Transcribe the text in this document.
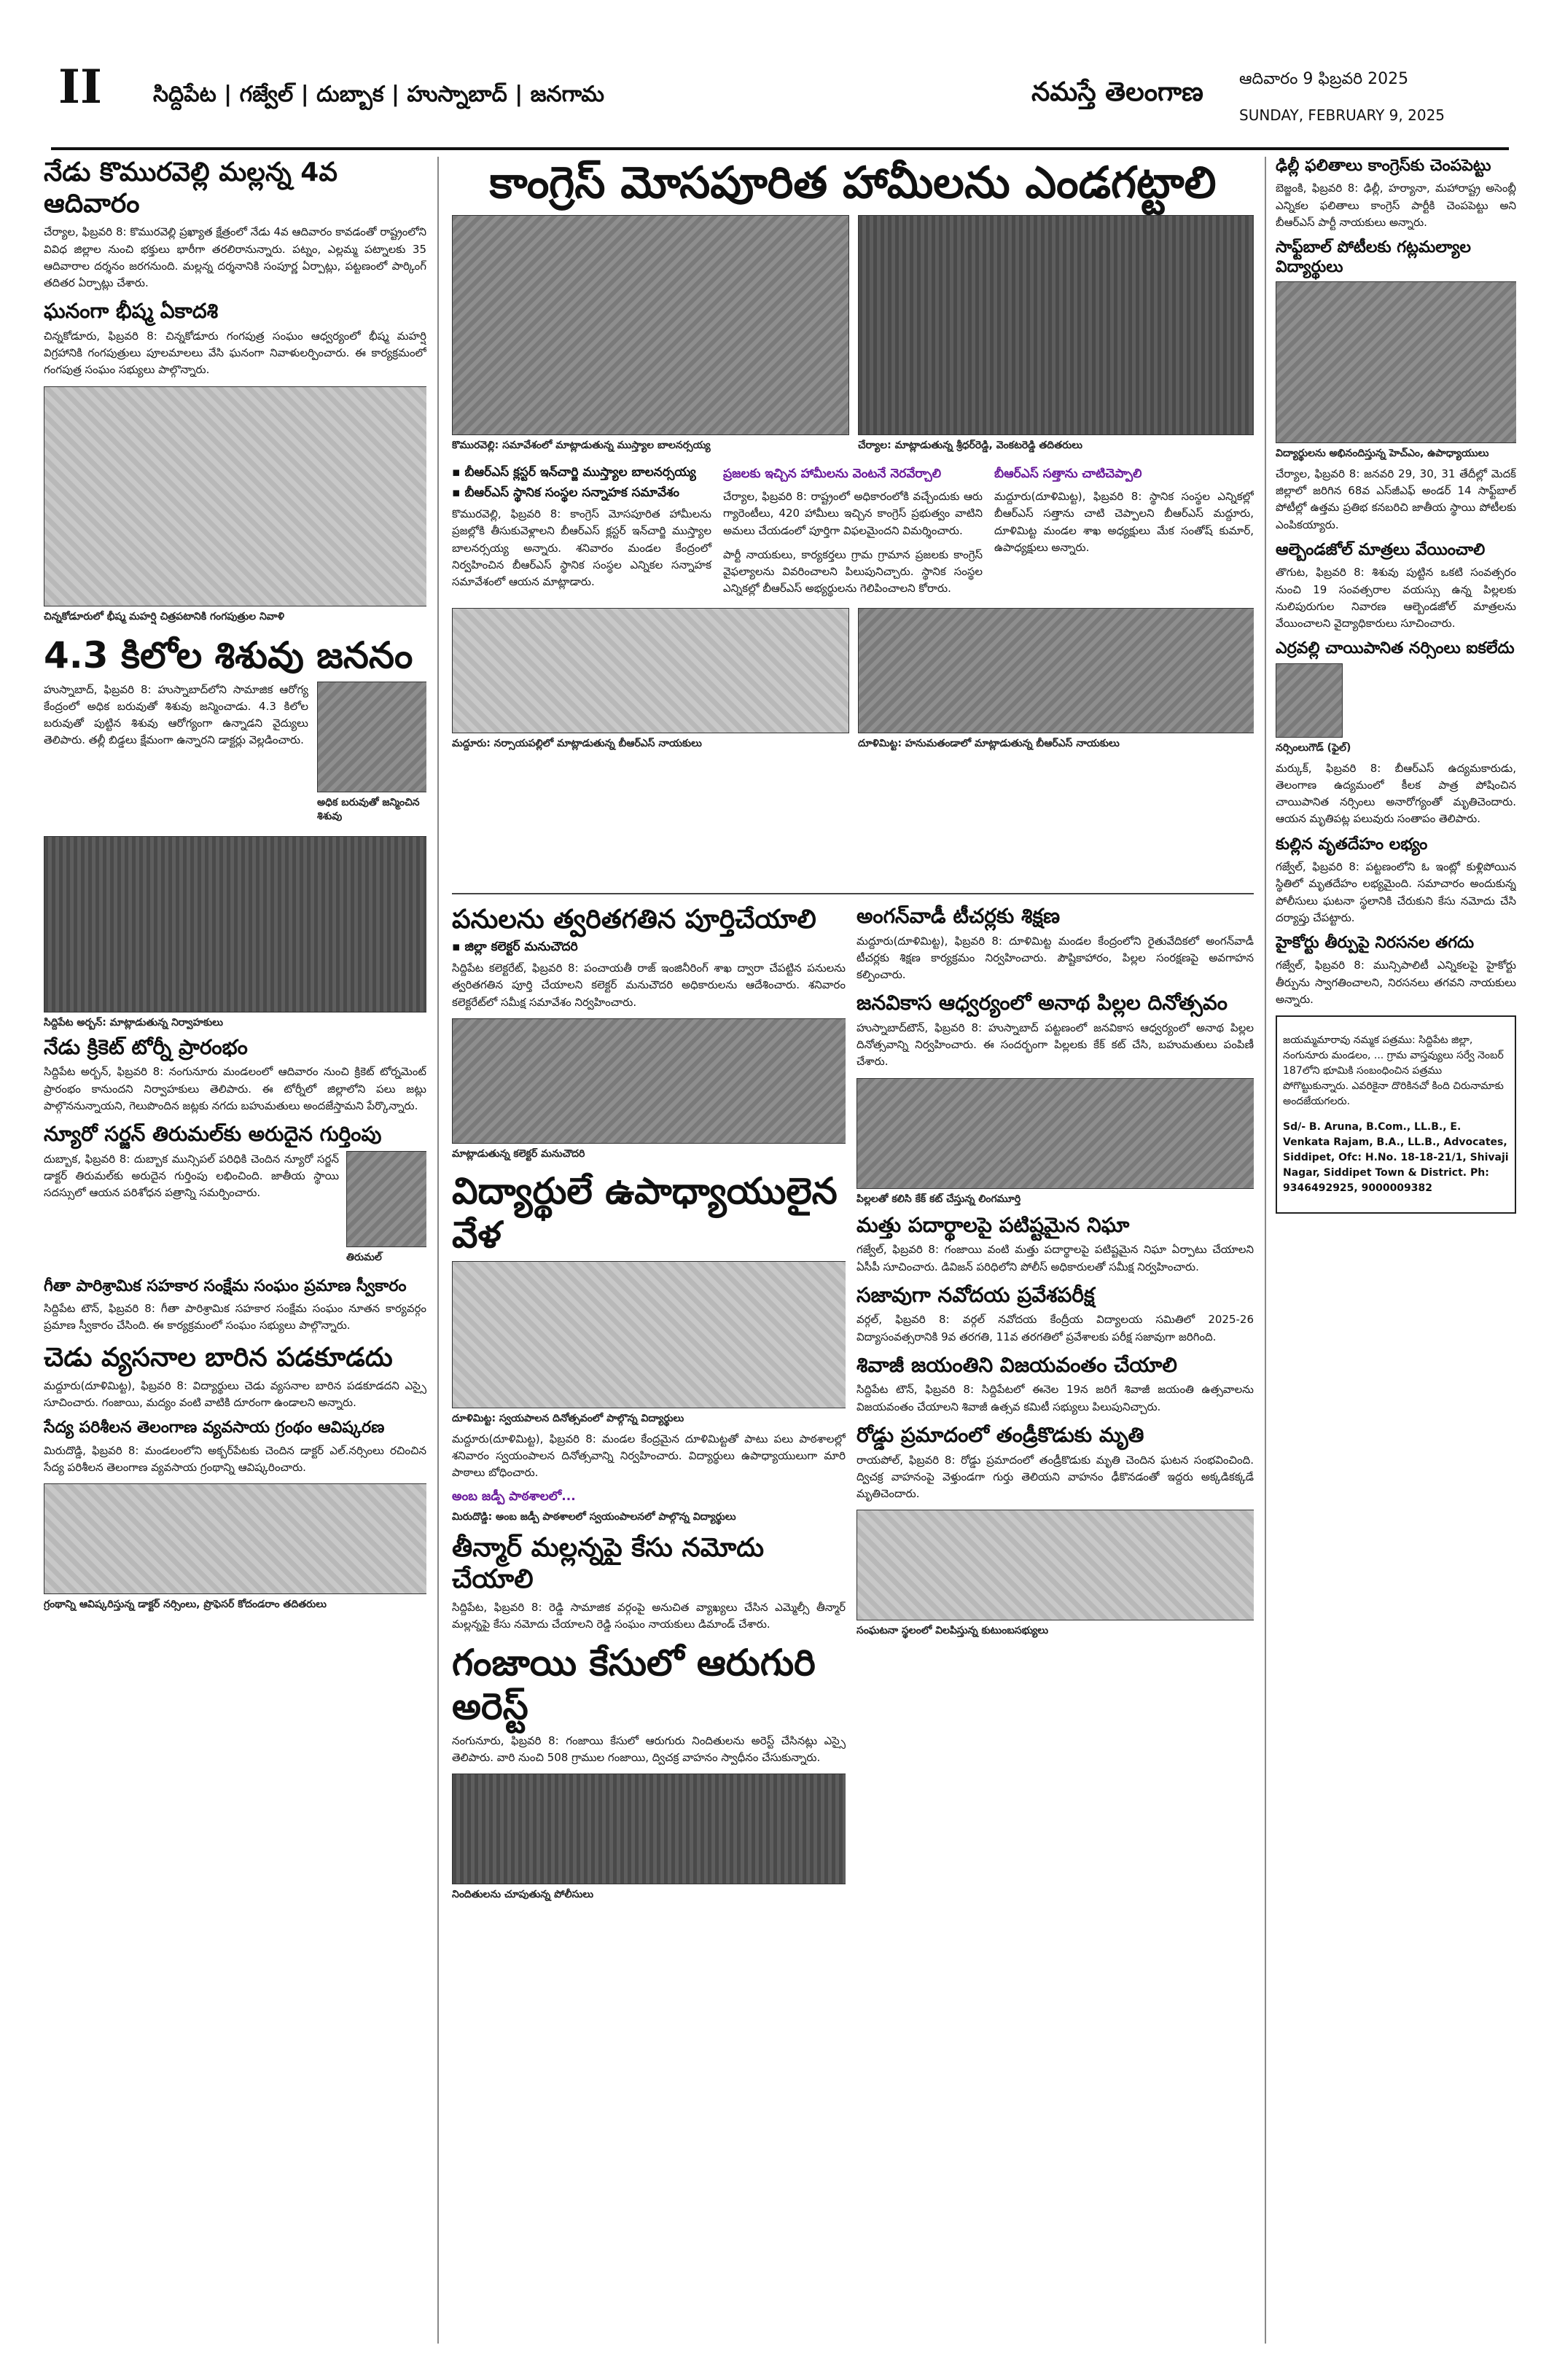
II సిద్దిపేట | గజ్వేల్ | దుబ్బాక | హుస్నాబాద్ | జనగామ	నమస్తే తెలంగాణ ఆదివారం 9 ఫిబ్రవరి 2025
SUNDAY, FEBRUARY 9, 2025
నేడు కొమురవెల్లి మల్లన్న 4వ ఆదివారం

చేర్యాల, ఫిబ్రవరి 8: కొమురవెల్లి ప్రఖ్యాత క్షేత్రంలో నేడు 4వ ఆదివారం కావడంతో రాష్ట్రంలోని వివిధ జిల్లాల నుంచి భక్తులు భారీగా తరలిరానున్నారు. పట్నం, ఎల్లమ్మ పట్నాలకు 35 ఆదివారాల దర్శనం జరగనుంది. మల్లన్న దర్శనానికి సంపూర్ణ ఏర్పాట్లు, పట్టణంలో పార్కింగ్ తదితర ఏర్పాట్లు చేశారు.

ఘనంగా భీష్మ ఏకాదశి

చిన్నకోడూరు, ఫిబ్రవరి 8: చిన్నకోడూరు గంగపుత్ర సంఘం ఆధ్వర్యంలో భీష్మ మహర్షి విగ్రహానికి గంగపుత్రులు పూలమాలలు వేసి ఘనంగా నివాళులర్పించారు. ఈ కార్యక్రమంలో గంగపుత్ర సంఘం సభ్యులు పాల్గొన్నారు.

చిన్నకోడూరులో భీష్మ మహర్షి చిత్రపటానికి గంగపుత్రుల నివాళి
4.3 కిలోల శిశువు జననం

హుస్నాబాద్, ఫిబ్రవరి 8: హుస్నాబాద్‌లోని సామాజిక ఆరోగ్య కేంద్రంలో అధిక బరువుతో శిశువు జన్మించాడు. 4.3 కిలోల బరువుతో పుట్టిన శిశువు ఆరోగ్యంగా ఉన్నాడని వైద్యులు తెలిపారు. తల్లీ బిడ్డలు క్షేమంగా ఉన్నారని డాక్టర్లు వెల్లడించారు.

అధిక బరువుతో జన్మించిన శిశువు
సిద్దిపేట అర్బన్: మాట్లాడుతున్న నిర్వాహకులు
నేడు క్రికెట్ టోర్నీ ప్రారంభం

సిద్దిపేట అర్బన్, ఫిబ్రవరి 8: నంగునూరు మండలంలో ఆదివారం నుంచి క్రికెట్ టోర్నమెంట్ ప్రారంభం కానుందని నిర్వాహకులు తెలిపారు. ఈ టోర్నీలో జిల్లాలోని పలు జట్లు పాల్గొననున్నాయని, గెలుపొందిన జట్లకు నగదు బహుమతులు అందజేస్తామని పేర్కొన్నారు.

న్యూరో సర్జన్ తిరుమల్‌కు అరుదైన గుర్తింపు

దుబ్బాక, ఫిబ్రవరి 8: దుబ్బాక మున్సిపల్ పరిధికి చెందిన న్యూరో సర్జన్ డాక్టర్ తిరుమల్‌కు అరుదైన గుర్తింపు లభించింది. జాతీయ స్థాయి సదస్సులో ఆయన పరిశోధన పత్రాన్ని సమర్పించారు.

తిరుమల్
గీతా పారిశ్రామిక సహకార సంక్షేమ సంఘం ప్రమాణ స్వీకారం

సిద్దిపేట టౌన్, ఫిబ్రవరి 8: గీతా పారిశ్రామిక సహకార సంక్షేమ సంఘం నూతన కార్యవర్గం ప్రమాణ స్వీకారం చేసింది. ఈ కార్యక్రమంలో సంఘం సభ్యులు పాల్గొన్నారు.

చెడు వ్యసనాల బారిన పడకూడదు

మద్దూరు(దూళిమిట్ట), ఫిబ్రవరి 8: విద్యార్థులు చెడు వ్యసనాల బారిన పడకూడదని ఎస్సై సూచించారు. గంజాయి, మద్యం వంటి వాటికి దూరంగా ఉండాలని అన్నారు.

సేద్య పరిశీలన తెలంగాణ వ్యవసాయ గ్రంథం ఆవిష్కరణ

మిరుదొడ్డి, ఫిబ్రవరి 8: మండలంలోని అక్బర్‌పేటకు చెందిన డాక్టర్ ఎల్.నర్సింలు రచించిన సేద్య పరిశీలన తెలంగాణ వ్యవసాయ గ్రంథాన్ని ఆవిష్కరించారు.

గ్రంథాన్ని ఆవిష్కరిస్తున్న డాక్టర్ నర్సింలు, ప్రొఫెసర్ కోదండరాం తదితరులు
కాంగ్రెస్ మోసపూరిత హామీలను ఎండగట్టాలి
కొమురవెల్లి: సమావేశంలో మాట్లాడుతున్న ముస్త్యాల బాలనర్సయ్య	చేర్యాల: మాట్లాడుతున్న శ్రీధర్‌రెడ్డి, వెంకటరెడ్డి తదితరులు
▪ బీఆర్‌ఎస్ క్లస్టర్ ఇన్‌చార్జి ముస్త్యాల బాలనర్సయ్య
▪ బీఆర్‌ఎస్ స్థానిక సంస్థల సన్నాహక సమావేశం

కొమురవెల్లి, ఫిబ్రవరి 8: కాంగ్రెస్ మోసపూరిత హామీలను ప్రజల్లోకి తీసుకువెళ్లాలని బీఆర్‌ఎస్ క్లస్టర్ ఇన్‌చార్జి ముస్త్యాల బాలనర్సయ్య అన్నారు. శనివారం మండల కేంద్రంలో నిర్వహించిన బీఆర్‌ఎస్ స్థానిక సంస్థల ఎన్నికల సన్నాహక సమావేశంలో ఆయన మాట్లాడారు.

ప్రజలకు ఇచ్చిన హామీలను వెంటనే నెరవేర్చాలి

చేర్యాల, ఫిబ్రవరి 8: రాష్ట్రంలో అధికారంలోకి వచ్చేందుకు ఆరు గ్యారెంటీలు, 420 హామీలు ఇచ్చిన కాంగ్రెస్ ప్రభుత్వం వాటిని అమలు చేయడంలో పూర్తిగా విఫలమైందని విమర్శించారు.

పార్టీ నాయకులు, కార్యకర్తలు గ్రామ గ్రామాన ప్రజలకు కాంగ్రెస్ వైఫల్యాలను వివరించాలని పిలుపునిచ్చారు. స్థానిక సంస్థల ఎన్నికల్లో బీఆర్‌ఎస్ అభ్యర్థులను గెలిపించాలని కోరారు.

బీఆర్‌ఎస్ సత్తాను చాటిచెప్పాలి

మద్దూరు(దూళిమిట్ట), ఫిబ్రవరి 8: స్థానిక సంస్థల ఎన్నికల్లో బీఆర్‌ఎస్ సత్తాను చాటి చెప్పాలని బీఆర్‌ఎస్ మద్దూరు, దూళిమిట్ట మండల శాఖ అధ్యక్షులు మేక సంతోష్ కుమార్, ఉపాధ్యక్షులు అన్నారు.

మద్దూరు: నర్సాయపల్లిలో మాట్లాడుతున్న బీఆర్‌ఎస్ నాయకులు	దూళిమిట్ట: హనుమతండాలో మాట్లాడుతున్న బీఆర్‌ఎస్ నాయకులు
పనులను త్వరితగతిన పూర్తిచేయాలి
▪ జిల్లా కలెక్టర్ మనుచౌదరి

సిద్దిపేట కలెక్టరేట్, ఫిబ్రవరి 8: పంచాయతీ రాజ్ ఇంజినీరింగ్ శాఖ ద్వారా చేపట్టిన పనులను త్వరితగతిన పూర్తి చేయాలని కలెక్టర్ మనుచౌదరి అధికారులను ఆదేశించారు. శనివారం కలెక్టరేట్‌లో సమీక్ష సమావేశం నిర్వహించారు.

మాట్లాడుతున్న కలెక్టర్ మనుచౌదరి
విద్యార్థులే ఉపాధ్యాయులైన వేళ
దూళిమిట్ట: స్వయపాలన దినోత్సవంలో పాల్గొన్న విద్యార్థులు

మద్దూరు(దూళిమిట్ట), ఫిబ్రవరి 8: మండల కేంద్రమైన దూళిమిట్టతో పాటు పలు పాఠశాలల్లో శనివారం స్వయంపాలన దినోత్సవాన్ని నిర్వహించారు. విద్యార్థులు ఉపాధ్యాయులుగా మారి పాఠాలు బోధించారు.

అంబ జడ్పీ పాఠశాలలో...
మిరుదొడ్డి: అంబ జడ్పీ పాఠశాలలో స్వయంపాలనలో పాల్గొన్న విద్యార్థులు
తీన్మార్ మల్లన్నపై కేసు నమోదు చేయాలి

సిద్దిపేట, ఫిబ్రవరి 8: రెడ్డి సామాజిక వర్గంపై అనుచిత వ్యాఖ్యలు చేసిన ఎమ్మెల్సీ తీన్మార్ మల్లన్నపై కేసు నమోదు చేయాలని రెడ్డి సంఘం నాయకులు డిమాండ్ చేశారు.

గంజాయి కేసులో ఆరుగురి అరెస్ట్

నంగునూరు, ఫిబ్రవరి 8: గంజాయి కేసులో ఆరుగురు నిందితులను అరెస్ట్ చేసినట్లు ఎస్సై తెలిపారు. వారి నుంచి 508 గ్రాముల గంజాయి, ద్విచక్ర వాహనం స్వాధీనం చేసుకున్నారు.

నిందితులను చూపుతున్న పోలీసులు
అంగన్‌వాడీ టీచర్లకు శిక్షణ

మద్దూరు(దూళిమిట్ట), ఫిబ్రవరి 8: దూళిమిట్ట మండల కేంద్రంలోని రైతువేదికలో అంగన్‌వాడీ టీచర్లకు శిక్షణ కార్యక్రమం నిర్వహించారు. పౌష్టికాహారం, పిల్లల సంరక్షణపై అవగాహన కల్పించారు.

జనవికాస ఆధ్వర్యంలో అనాథ పిల్లల దినోత్సవం

హుస్నాబాద్‌టౌన్, ఫిబ్రవరి 8: హుస్నాబాద్ పట్టణంలో జనవికాస ఆధ్వర్యంలో అనాథ పిల్లల దినోత్సవాన్ని నిర్వహించారు. ఈ సందర్భంగా పిల్లలకు కేక్ కట్ చేసి, బహుమతులు పంపిణీ చేశారు.

పిల్లలతో కలిసి కేక్ కట్ చేస్తున్న లింగమూర్తి
మత్తు పదార్థాలపై పటిష్టమైన నిఘా

గజ్వేల్, ఫిబ్రవరి 8: గంజాయి వంటి మత్తు పదార్థాలపై పటిష్టమైన నిఘా ఏర్పాటు చేయాలని ఏసీపీ సూచించారు. డివిజన్ పరిధిలోని పోలీస్ అధికారులతో సమీక్ష నిర్వహించారు.

సజావుగా నవోదయ ప్రవేశపరీక్ష

వర్గల్, ఫిబ్రవరి 8: వర్గల్ నవోదయ కేంద్రీయ విద్యాలయ సమితిలో 2025-26 విద్యాసంవత్సరానికి 9వ తరగతి, 11వ తరగతిలో ప్రవేశాలకు పరీక్ష సజావుగా జరిగింది.

శివాజీ జయంతిని విజయవంతం చేయాలి

సిద్దిపేట టౌన్, ఫిబ్రవరి 8: సిద్దిపేటలో ఈనెల 19న జరిగే శివాజీ జయంతి ఉత్సవాలను విజయవంతం చేయాలని శివాజీ ఉత్సవ కమిటీ సభ్యులు పిలుపునిచ్చారు.

రోడ్డు ప్రమాదంలో తండ్రీకొడుకు మృతి

రాయపోల్, ఫిబ్రవరి 8: రోడ్డు ప్రమాదంలో తండ్రీకొడుకు మృతి చెందిన ఘటన సంభవించింది. ద్విచక్ర వాహనంపై వెళ్తుండగా గుర్తు తెలియని వాహనం ఢీకొనడంతో ఇద్దరు అక్కడికక్కడే మృతిచెందారు.

సంఘటనా స్థలంలో విలపిస్తున్న కుటుంబసభ్యులు
ఢిల్లీ ఫలితాలు కాంగ్రెస్‌కు చెంపపెట్టు

బెజ్జంకి, ఫిబ్రవరి 8: ఢిల్లీ, హర్యానా, మహారాష్ట్ర అసెంబ్లీ ఎన్నికల ఫలితాలు కాంగ్రెస్ పార్టీకి చెంపపెట్టు అని బీఆర్‌ఎస్ పార్టీ నాయకులు అన్నారు.

సాఫ్ట్‌బాల్ పోటీలకు గట్లమల్యాల విద్యార్థులు
విద్యార్థులను అభినందిస్తున్న హెచ్ఎం, ఉపాధ్యాయులు

చేర్యాల, ఫిబ్రవరి 8: జనవరి 29, 30, 31 తేదీల్లో మెదక్ జిల్లాలో జరిగిన 68వ ఎస్‌జీఎఫ్ అండర్ 14 సాఫ్ట్‌బాల్ పోటీల్లో ఉత్తమ ప్రతిభ కనబరిచి జాతీయ స్థాయి పోటీలకు ఎంపికయ్యారు.

ఆల్బెండజోల్ మాత్రలు వేయించాలి

తొగుట, ఫిబ్రవరి 8: శిశువు పుట్టిన ఒకటి సంవత్సరం నుంచి 19 సంవత్సరాల వయస్సు ఉన్న పిల్లలకు నులిపురుగుల నివారణ ఆల్బెండజోల్ మాత్రలను వేయించాలని వైద్యాధికారులు సూచించారు.

ఎర్రవల్లి చాయిపానిత నర్సింలు ఐకలేదు
నర్సింలుగౌడ్ (ఫైల్)

మర్కుక్, ఫిబ్రవరి 8: బీఆర్‌ఎస్ ఉద్యమకారుడు, తెలంగాణ ఉద్యమంలో కీలక పాత్ర పోషించిన చాయిపానిత నర్సింలు అనారోగ్యంతో మృతిచెందారు. ఆయన మృతిపట్ల పలువురు సంతాపం తెలిపారు.

కుల్లిన వృతదేహం లభ్యం

గజ్వేల్, ఫిబ్రవరి 8: పట్టణంలోని ఓ ఇంట్లో కుళ్లిపోయిన స్థితిలో మృతదేహం లభ్యమైంది. సమాచారం అందుకున్న పోలీసులు ఘటనా స్థలానికి చేరుకుని కేసు నమోదు చేసి దర్యాప్తు చేపట్టారు.

హైకోర్టు తీర్పుపై నిరసనల తగదు

గజ్వేల్, ఫిబ్రవరి 8: మున్సిపాలిటీ ఎన్నికలపై హైకోర్టు తీర్పును స్వాగతించాలని, నిరసనలు తగవని నాయకులు అన్నారు.

జయమ్మమారావు నమ్మక పత్రము: సిద్దిపేట జిల్లా, నంగునూరు మండలం, ... గ్రామ వాస్తవ్యులు సర్వే నెంబర్ 187లోని భూమికి సంబంధించిన పత్రము పోగొట్టుకున్నారు. ఎవరికైనా దొరికినచో కింది చిరునామాకు అందజేయగలరు.

Sd/- B. Aruna, B.Com., LL.B., E. Venkata Rajam, B.A., LL.B., Advocates, Siddipet, Ofc: H.No. 18-18-21/1, Shivaji Nagar, Siddipet Town & District. Ph: 9346492925, 9000009382
